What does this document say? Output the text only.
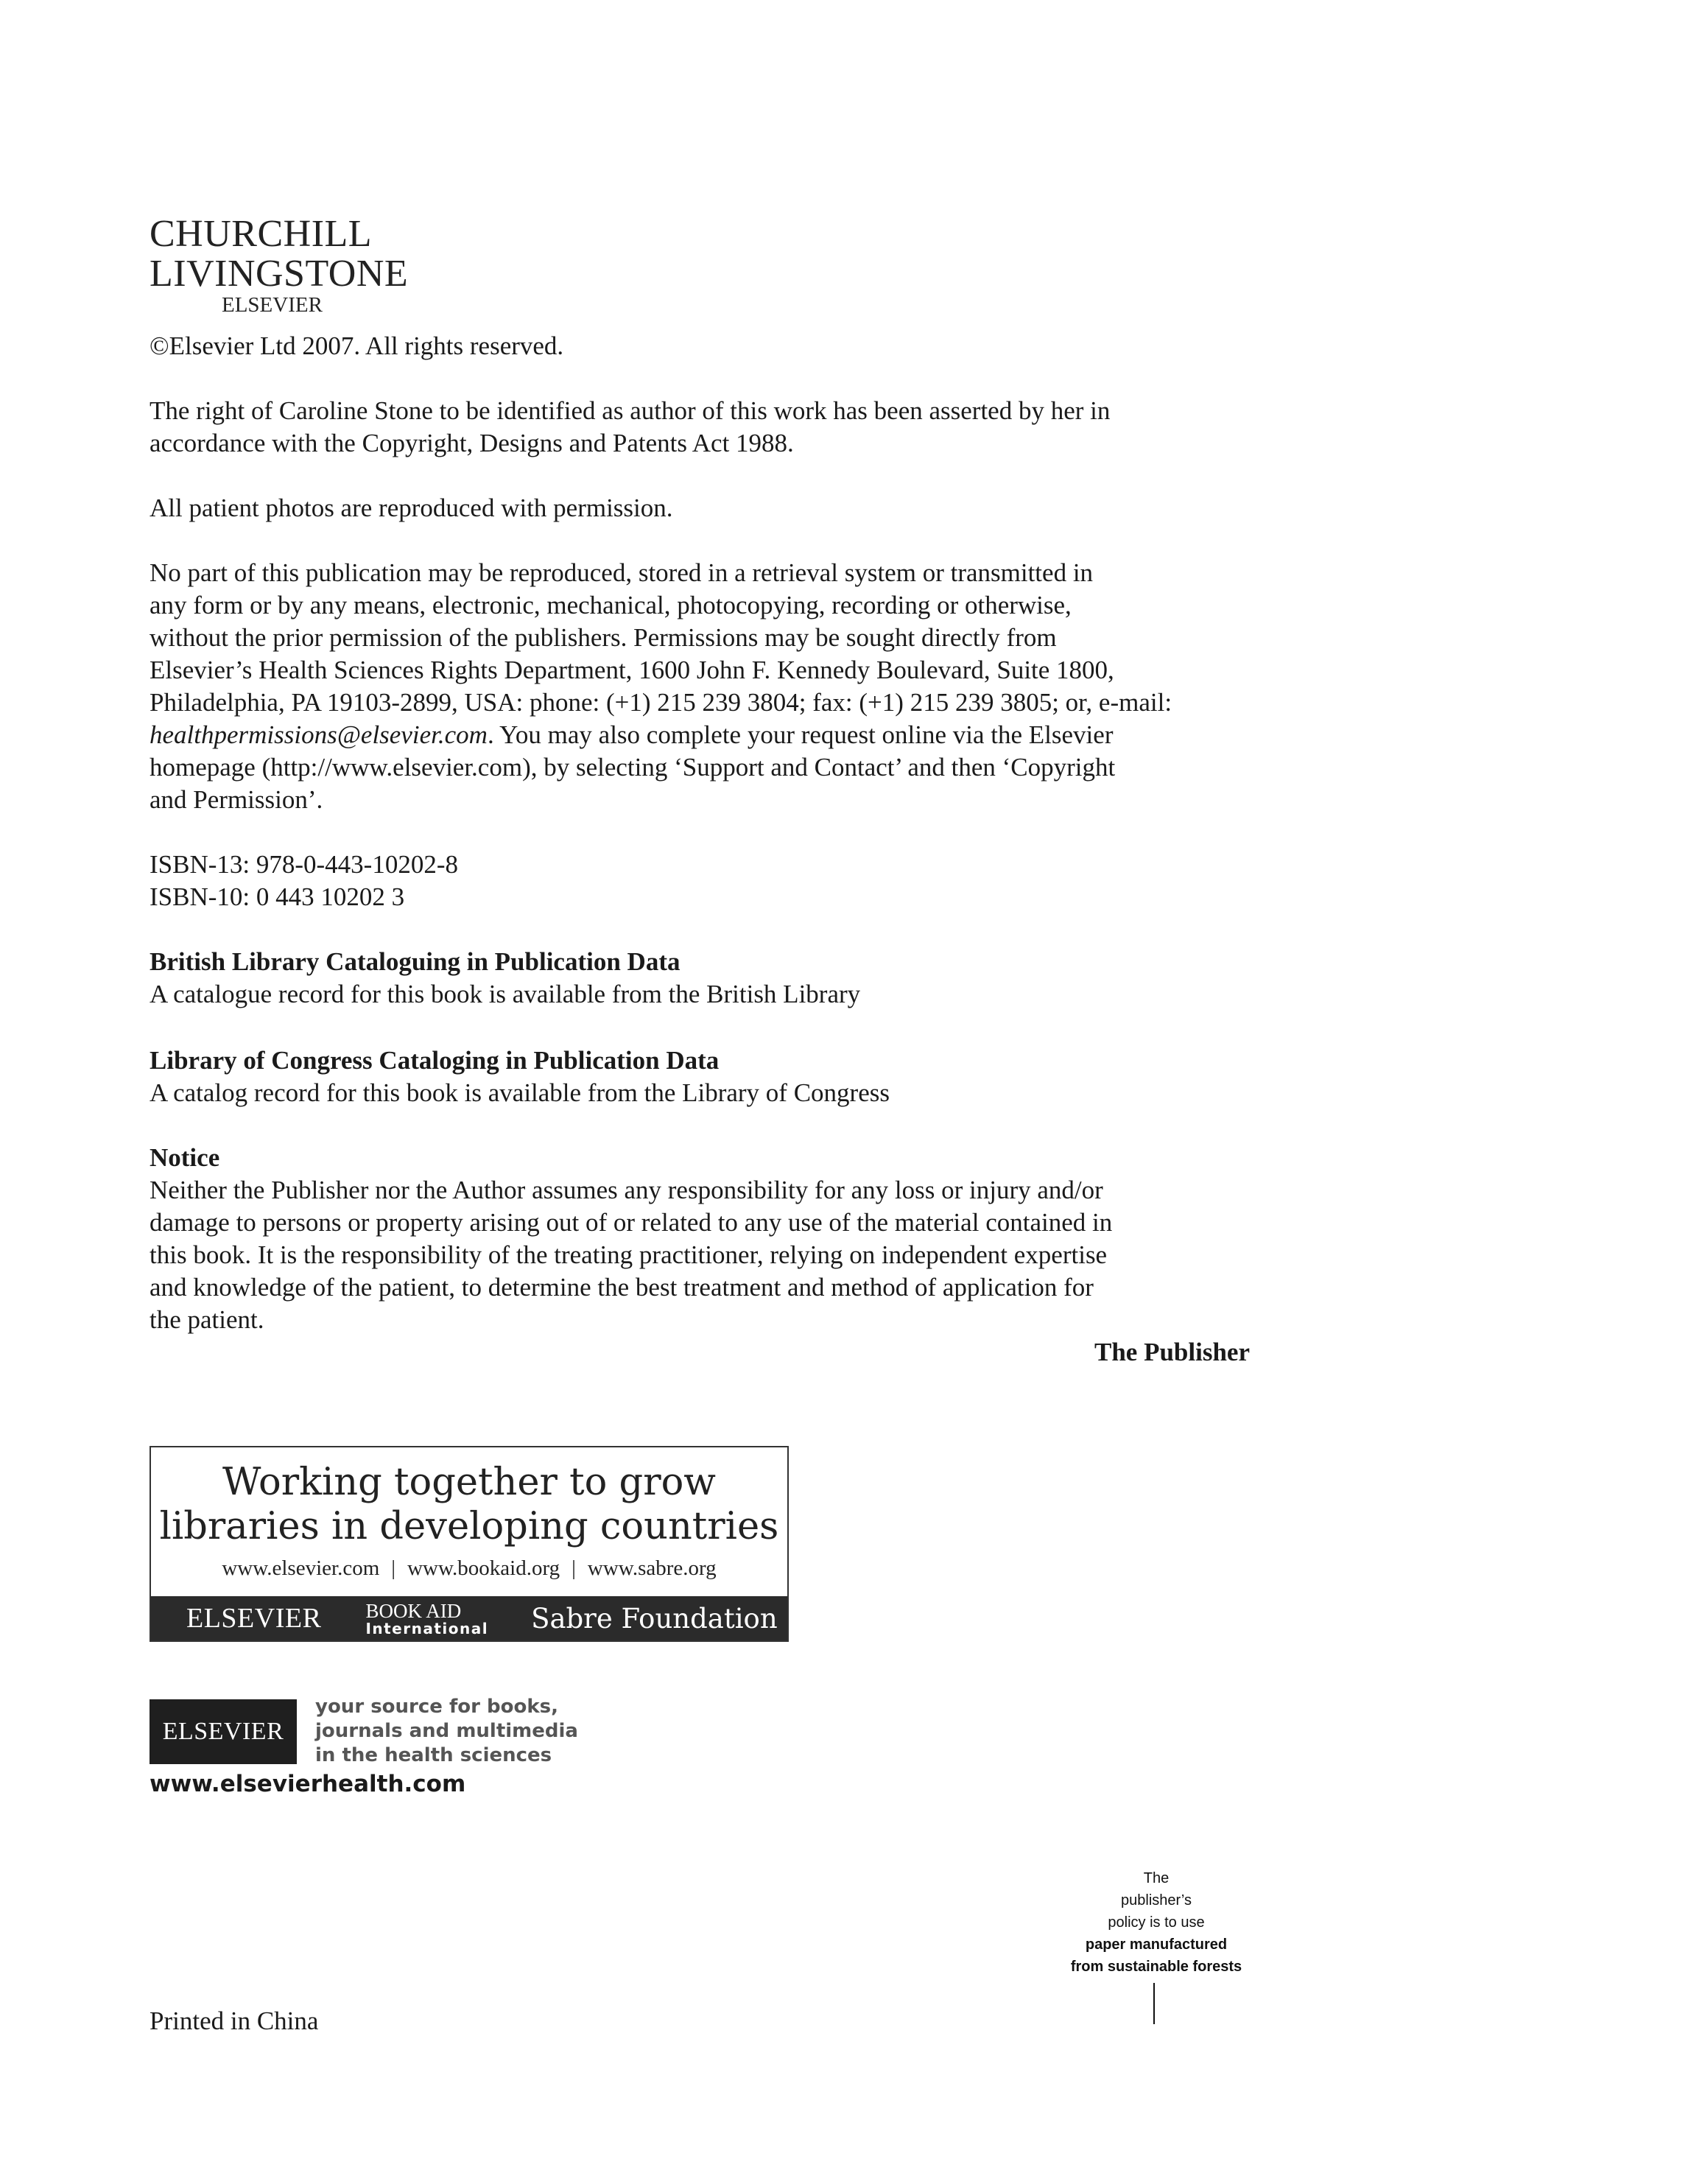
CHURCHILL
LIVINGSTONE
ELSEVIER

©Elsevier Ltd 2007. All rights reserved.

The right of Caroline Stone to be identified as author of this work has been asserted by her in

accordance with the Copyright, Designs and Patents Act 1988.

All patient photos are reproduced with permission.

No part of this publication may be reproduced, stored in a retrieval system or transmitted in

any form or by any means, electronic, mechanical, photocopying, recording or otherwise,

without the prior permission of the publishers. Permissions may be sought directly from

Elsevier’s Health Sciences Rights Department, 1600 John F. Kennedy Boulevard, Suite 1800,

Philadelphia, PA 19103-2899, USA: phone: (+1) 215 239 3804; fax: (+1) 215 239 3805; or, e-mail:

healthpermissions@elsevier.com. You may also complete your request online via the Elsevier

homepage (http://www.elsevier.com), by selecting ‘Support and Contact’ and then ‘Copyright

and Permission’.

ISBN-13: 978-0-443-10202-8

ISBN-10: 0 443 10202 3

British Library Cataloguing in Publication Data

A catalogue record for this book is available from the British Library

Library of Congress Cataloging in Publication Data

A catalog record for this book is available from the Library of Congress

Notice

Neither the Publisher nor the Author assumes any responsibility for any loss or injury and/or

damage to persons or property arising out of or related to any use of the material contained in

this book. It is the responsibility of the treating practitioner, relying on independent expertise

and knowledge of the patient, to determine the best treatment and method of application for

the patient.

The Publisher

Working together to grow
libraries in developing countries
www.elsevier.com | www.bookaid.org | www.sabre.org
ELSEVIER BOOK AID
International Sabre Foundation
ELSEVIER
your source for books,
journals and multimedia
in the health sciences
www.elsevierhealth.com
The
publisher’s
policy is to use
paper manufactured
from sustainable forests
Printed in China
